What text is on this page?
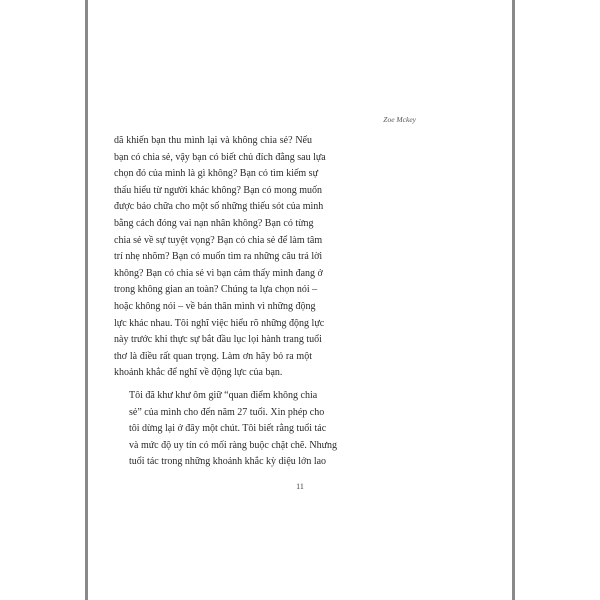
Zoe Mckey
11

dã khiến bạn thu mình lại và không chia sẻ? Nếu
bạn có chia sẻ, vậy bạn có biết chủ đích đằng sau lựa
chọn đó của mình là gì không? Bạn có tìm kiếm sự
thấu hiểu từ người khác không? Bạn có mong muốn
được bảo chữa cho một số những thiếu sót của mình
bằng cách đóng vai nạn nhân không? Bạn có từng
chia sẻ về sự tuyệt vọng? Bạn có chia sẻ để làm tâm
trí nhẹ nhõm? Bạn có muốn tìm ra những câu trả lời
không? Bạn có chia sẻ vì bạn cảm thấy mình đang ở
trong không gian an toàn? Chúng ta lựa chọn nói –
hoặc không nói – về bản thân mình vì những động
lực khác nhau. Tôi nghĩ việc hiểu rõ những động lực
này trước khi thực sự bắt đầu lục lọi hành trang tuổi
thơ là điều rất quan trọng. Làm ơn hãy bỏ ra một
khoảnh khắc để nghĩ về động lực của bạn.

Tôi đã khư khư ôm giữ “quan điểm không chia
sẻ” của mình cho đến năm 27 tuổi. Xin phép cho
tôi dừng lại ở đây một chút. Tôi biết rằng tuổi tác
và mức độ uy tín có mối ràng buộc chặt chẽ. Nhưng
tuổi tác trong những khoảnh khắc kỳ diệu lớn lao
